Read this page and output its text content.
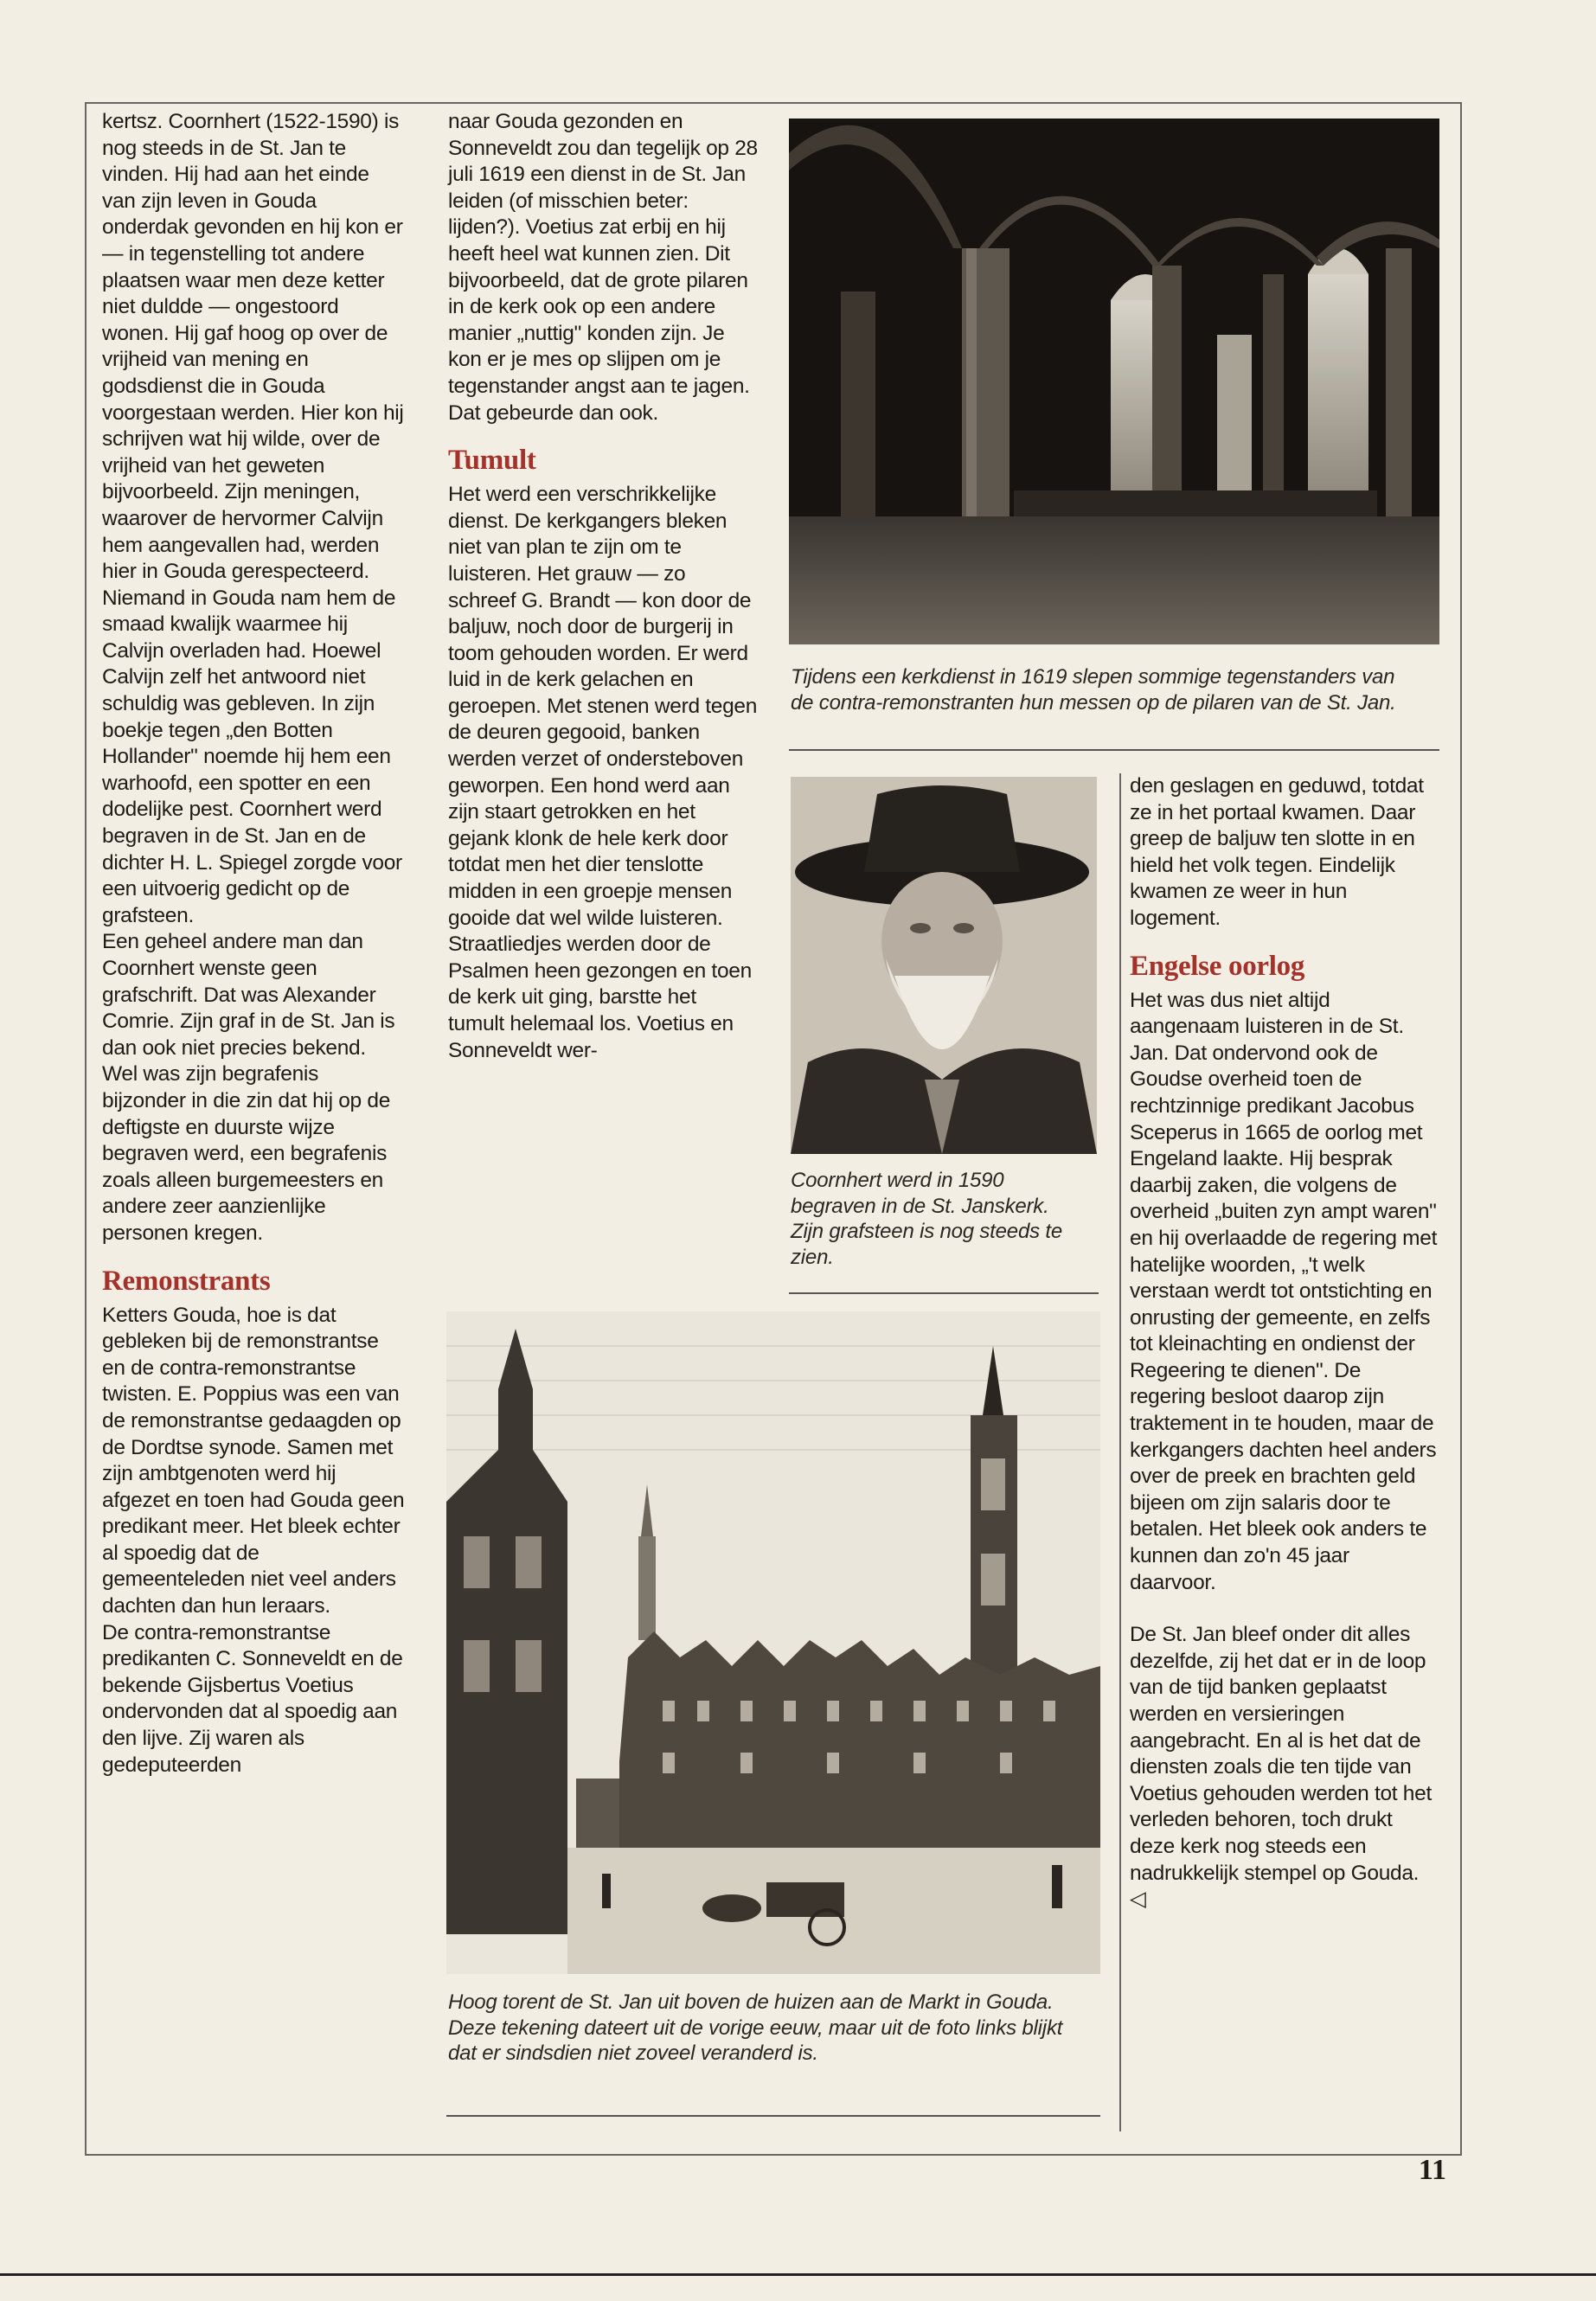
kertsz. Coornhert (1522-1590) is nog steeds in de St. Jan te vinden. Hij had aan het einde van zijn leven in Gouda onderdak gevonden en hij kon er — in tegenstelling tot andere plaatsen waar men deze ketter niet duldde — ongestoord wonen. Hij gaf hoog op over de vrijheid van mening en godsdienst die in Gouda voorgestaan werden. Hier kon hij schrijven wat hij wilde, over de vrijheid van het geweten bijvoorbeeld. Zijn meningen, waarover de hervormer Calvijn hem aangevallen had, werden hier in Gouda gerespecteerd. Niemand in Gouda nam hem de smaad kwalijk waarmee hij Calvijn overladen had. Hoewel Calvijn zelf het antwoord niet schuldig was gebleven. In zijn boekje tegen „den Botten Hollander" noemde hij hem een warhoofd, een spotter en een dodelijke pest. Coornhert werd begraven in de St. Jan en de dichter H. L. Spiegel zorgde voor een uitvoerig gedicht op de grafsteen.

Een geheel andere man dan Coornhert wenste geen grafschrift. Dat was Alexander Comrie. Zijn graf in de St. Jan is dan ook niet precies bekend. Wel was zijn begrafenis bijzonder in die zin dat hij op de deftigste en duurste wijze begraven werd, een begrafenis zoals alleen burgemeesters en andere zeer aanzienlijke personen kregen.

Remonstrants

Ketters Gouda, hoe is dat gebleken bij de remonstrantse en de contra-remonstrantse twisten. E. Poppius was een van de remonstrantse gedaagden op de Dordtse synode. Samen met zijn ambtgenoten werd hij afgezet en toen had Gouda geen predikant meer. Het bleek echter al spoedig dat de gemeenteleden niet veel anders dachten dan hun leraars.

De contra-remonstrantse predikanten C. Sonneveldt en de bekende Gijsbertus Voetius ondervonden dat al spoedig aan den lijve. Zij waren als gedeputeerden

naar Gouda gezonden en Sonneveldt zou dan tegelijk op 28 juli 1619 een dienst in de St. Jan leiden (of misschien beter: lijden?). Voetius zat erbij en hij heeft heel wat kunnen zien. Dit bijvoorbeeld, dat de grote pilaren in de kerk ook op een andere manier „nuttig" konden zijn. Je kon er je mes op slijpen om je tegenstander angst aan te jagen. Dat gebeurde dan ook.

Tumult

Het werd een verschrikkelijke dienst. De kerkgangers bleken niet van plan te zijn om te luisteren. Het grauw — zo schreef G. Brandt — kon door de baljuw, noch door de burgerij in toom gehouden worden. Er werd luid in de kerk gelachen en geroepen. Met stenen werd tegen de deuren gegooid, banken werden verzet of ondersteboven geworpen. Een hond werd aan zijn staart getrokken en het gejank klonk de hele kerk door totdat men het dier tenslotte midden in een groepje mensen gooide dat wel wilde luisteren. Straatliedjes werden door de Psalmen heen gezongen en toen de kerk uit ging, barstte het tumult helemaal los. Voetius en Sonneveldt wer-

Tijdens een kerkdienst in 1619 slepen sommige tegenstanders van de contra-remonstranten hun messen op de pilaren van de St. Jan.
Coornhert werd in 1590 begraven in de St. Janskerk. Zijn grafsteen is nog steeds te zien.

den geslagen en geduwd, totdat ze in het portaal kwamen. Daar greep de baljuw ten slotte in en hield het volk tegen. Eindelijk kwamen ze weer in hun logement.

Engelse oorlog

Het was dus niet altijd aangenaam luisteren in de St. Jan. Dat ondervond ook de Goudse overheid toen de rechtzinnige predikant Jacobus Sceperus in 1665 de oorlog met Engeland laakte. Hij besprak daarbij zaken, die volgens de overheid „buiten zyn ampt waren" en hij overlaadde de regering met hatelijke woorden, „'t welk verstaan werdt tot ontstichting en onrusting der gemeente, en zelfs tot kleinachting en ondienst der Regeering te dienen". De regering besloot daarop zijn traktement in te houden, maar de kerkgangers dachten heel anders over de preek en brachten geld bijeen om zijn salaris door te betalen. Het bleek ook anders te kunnen dan zo'n 45 jaar daarvoor.

De St. Jan bleef onder dit alles dezelfde, zij het dat er in de loop van de tijd banken geplaatst werden en versieringen aangebracht. En al is het dat de diensten zoals die ten tijde van Voetius gehouden werden tot het verleden behoren, toch drukt deze kerk nog steeds een nadrukkelijk stempel op Gouda. ◁

Hoog torent de St. Jan uit boven de huizen aan de Markt in Gouda. Deze tekening dateert uit de vorige eeuw, maar uit de foto links blijkt dat er sindsdien niet zoveel veranderd is.
11
